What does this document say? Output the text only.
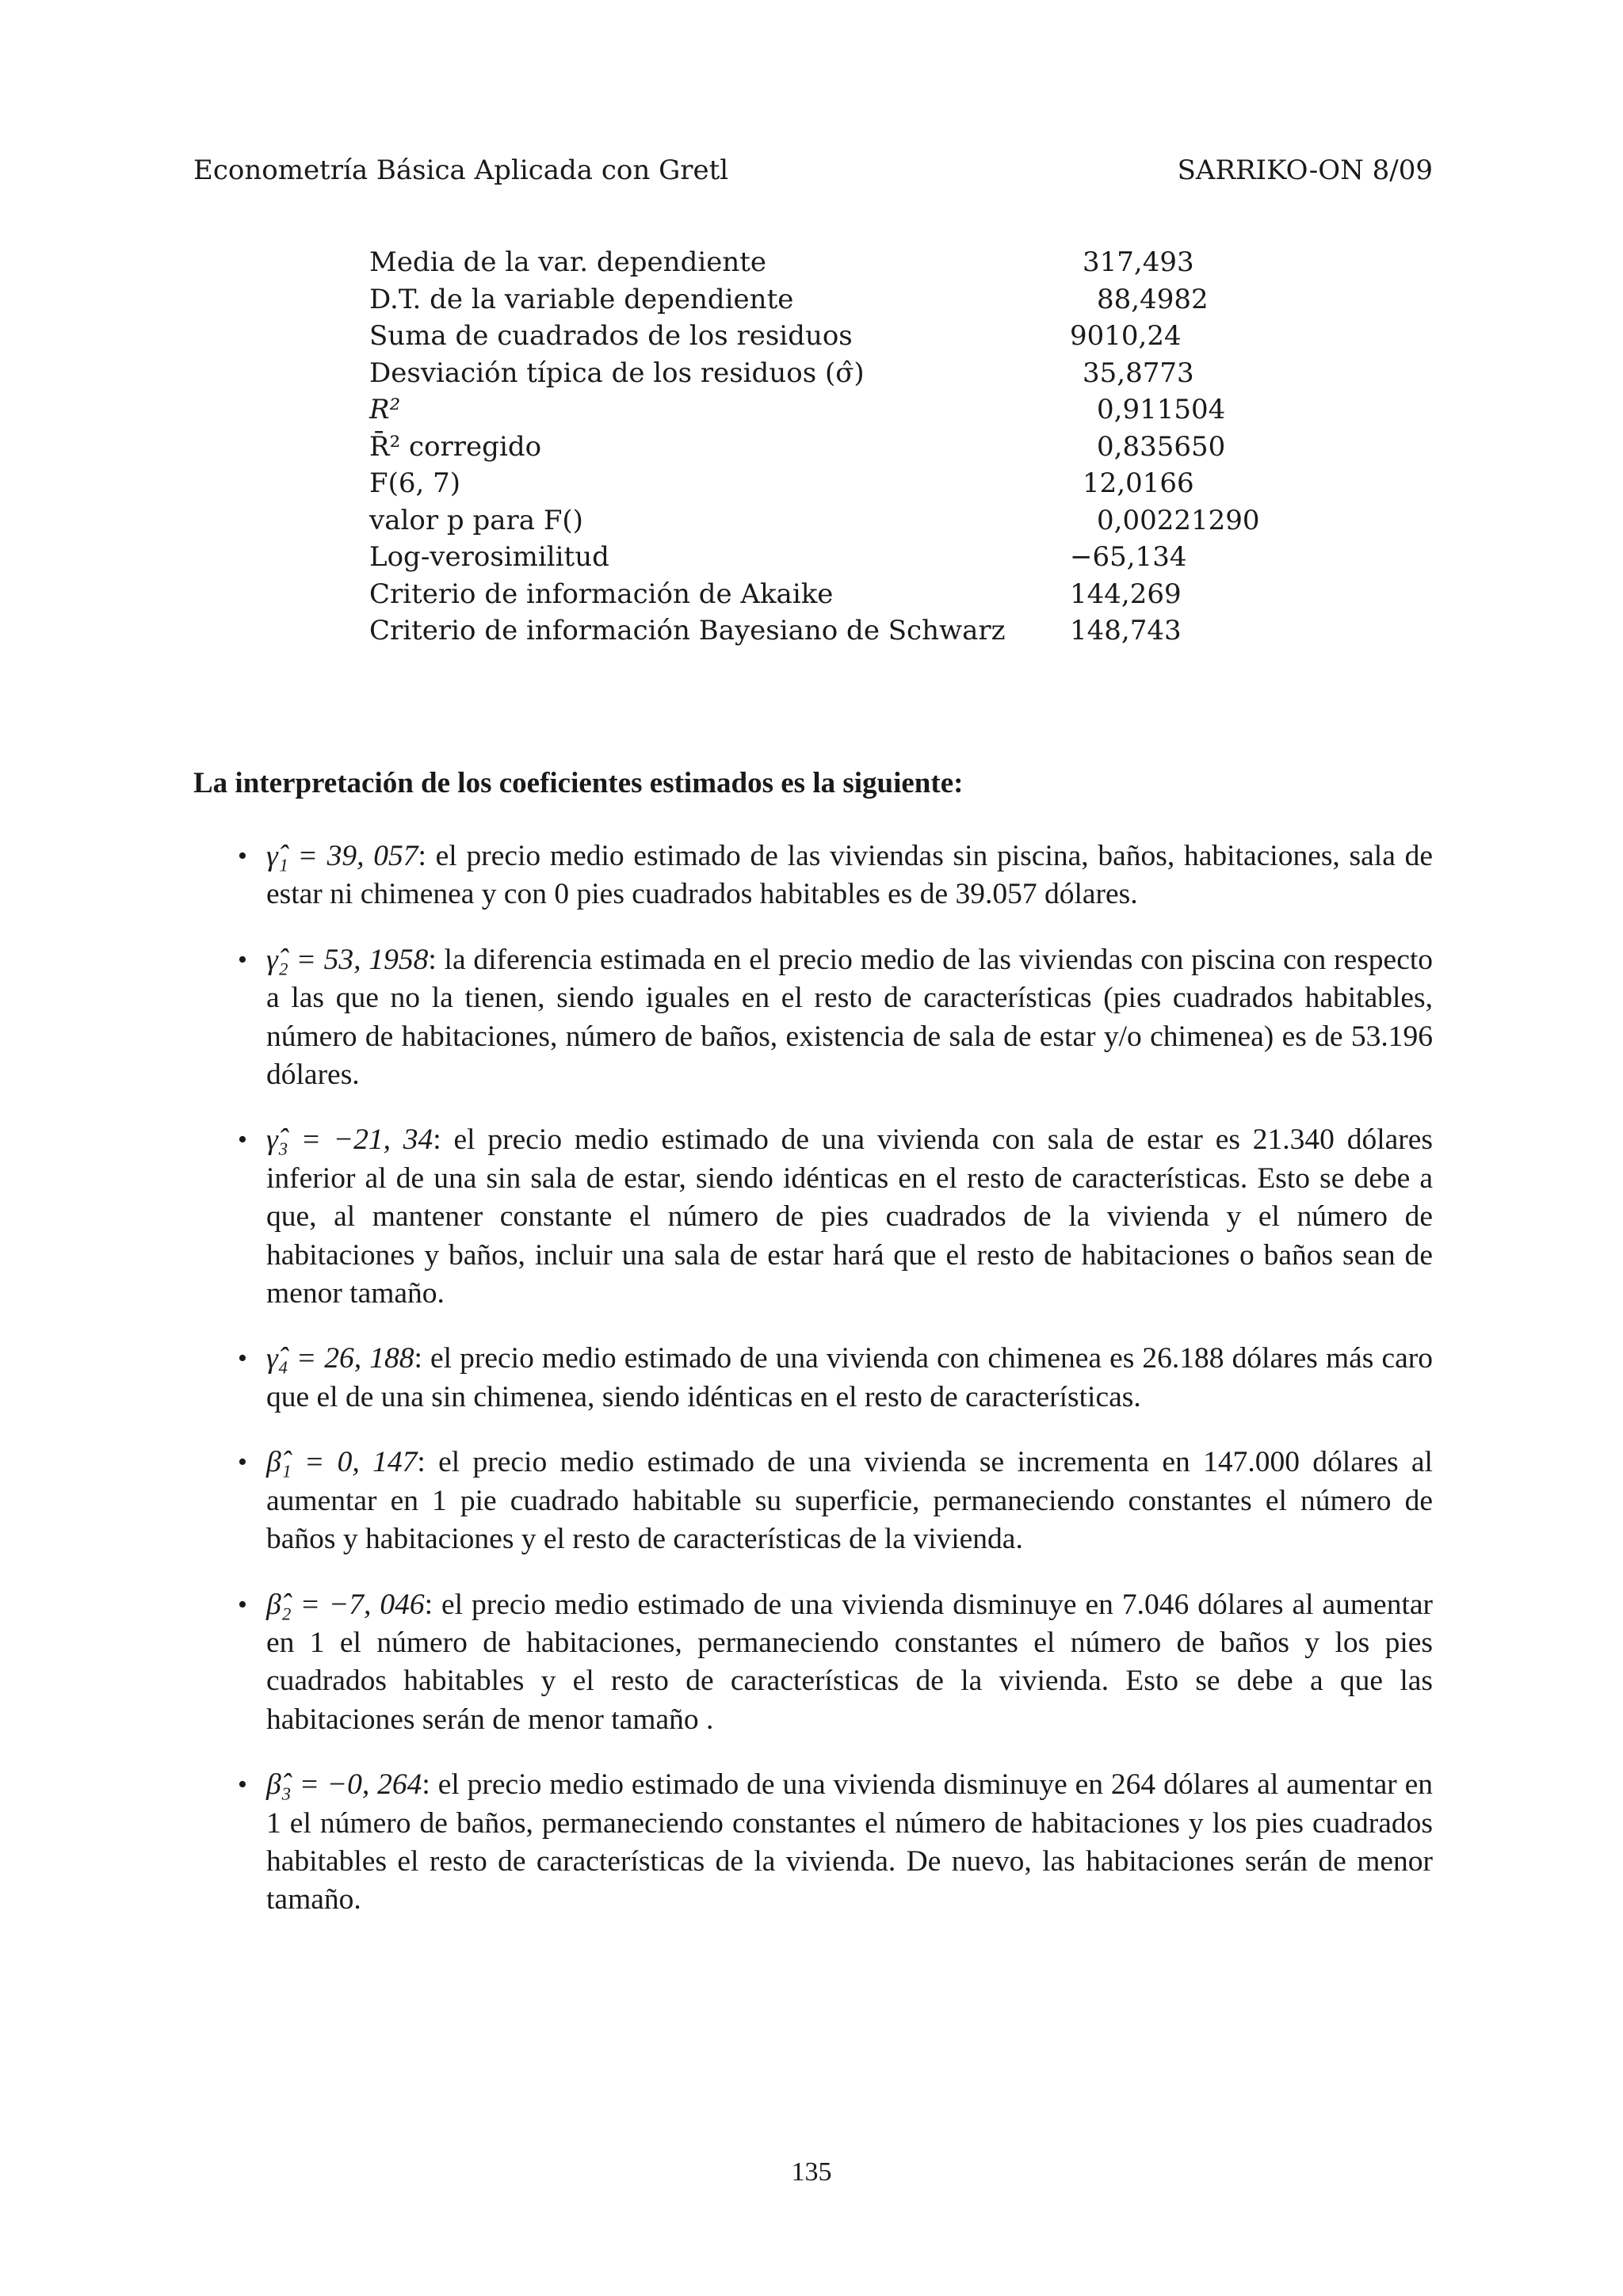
Econometría Básica Aplicada con Gretl	SARRIKO-ON 8/09
Media de la var. dependiente	317,493
D.T. de la variable dependiente	88,4982
Suma de cuadrados de los residuos	9010,24
Desviación típica de los residuos (σ̂)	35,8773
R²	0,911504
R̄² corregido	0,835650
F(6, 7)	12,0166
valor p para F()	0,00221290
Log-verosimilitud	−65,134
Criterio de información de Akaike	144,269
Criterio de información Bayesiano de Schwarz 148,743
La interpretación de los coeficientes estimados es la siguiente:
• γ̂₁ = 39, 057: el precio medio estimado de las viviendas sin piscina, baños, habitaciones, sala de estar ni chimenea y con 0 pies cuadrados habitables es de 39.057 dólares.
• γ̂₂ = 53, 1958: la diferencia estimada en el precio medio de las viviendas con piscina con respecto a las que no la tienen, siendo iguales en el resto de características (pies cuadrados habitables, número de habitaciones, número de baños, existencia de sala de estar y/o chimenea) es de 53.196 dólares.
• γ̂₃ = −21, 34: el precio medio estimado de una vivienda con sala de estar es 21.340 dólares inferior al de una sin sala de estar, siendo idénticas en el resto de características. Esto se debe a que, al mantener constante el número de pies cuadrados de la vivienda y el número de habitaciones y baños, incluir una sala de estar hará que el resto de habitaciones o baños sean de menor tamaño.
• γ̂₄ = 26, 188: el precio medio estimado de una vivienda con chimenea es 26.188 dólares más caro que el de una sin chimenea, siendo idénticas en el resto de características.
• β̂₁ = 0, 147: el precio medio estimado de una vivienda se incrementa en 147.000 dólares al aumentar en 1 pie cuadrado habitable su superficie, permaneciendo constantes el número de baños y habitaciones y el resto de características de la vivienda.
• β̂₂ = −7, 046: el precio medio estimado de una vivienda disminuye en 7.046 dólares al aumentar en 1 el número de habitaciones, permaneciendo constantes el número de baños y los pies cuadrados habitables y el resto de características de la vivienda. Esto se debe a que las habitaciones serán de menor tamaño .
• β̂₃ = −0, 264: el precio medio estimado de una vivienda disminuye en 264 dólares al aumentar en 1 el número de baños, permaneciendo constantes el número de habitaciones y los pies cuadrados habitables el resto de características de la vivienda. De nuevo, las habitaciones serán de menor tamaño.
135
